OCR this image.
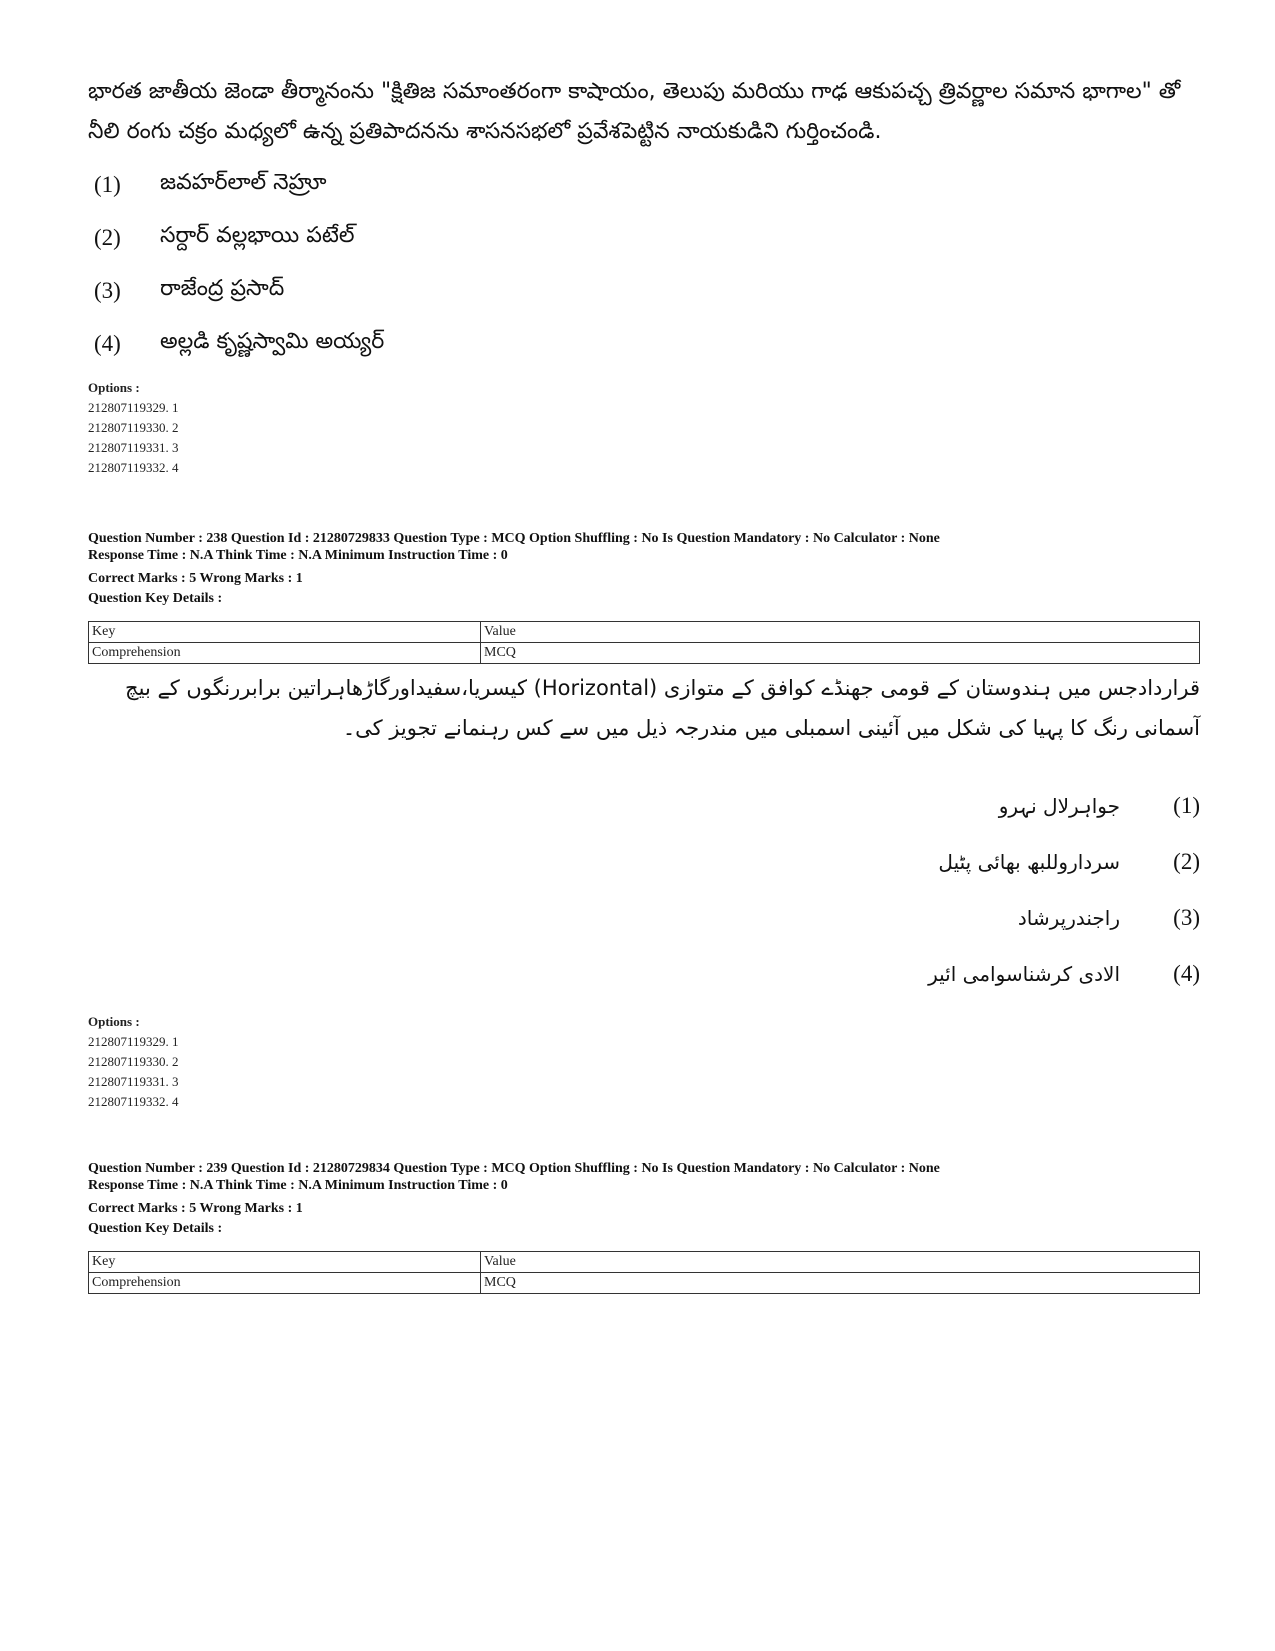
భారత జాతీయ జెండా తీర్మానంను "క్షితిజ సమాంతరంగా కాషాయం, తెలుపు మరియు గాఢ ఆకుపచ్చ త్రివర్ణాల సమాన భాగాల" తో నీలి రంగు చక్రం మధ్యలో ఉన్న ప్రతిపాదనను శాసనసభలో ప్రవేశపెట్టిన నాయకుడిని గుర్తించండి.
(1)	జవహర్‌లాల్ నెహ్రూ
(2)	సర్దార్ వల్లభాయి పటేల్
(3)	రాజేంద్ర ప్రసాద్
(4)	అల్లడి కృష్ణస్వామి అయ్యర్
Options :
212807119329. 1
212807119330. 2
212807119331. 3
212807119332. 4
Question Number : 238 Question Id : 21280729833 Question Type : MCQ Option Shuffling : No Is Question Mandatory : No Calculator : None
Response Time : N.A Think Time : N.A Minimum Instruction Time : 0
Correct Marks : 5 Wrong Marks : 1
Question Key Details :
Key	Value
Comprehension	MCQ
قراردادجس میں ہندوستان کے قومی جھنڈے کوافق کے متوازی (Horizontal) کیسریا،سفیداورگاڑھاہراتین برابررنگوں کے بیچ آسمانی رنگ کا پہیا کی شکل میں آئینی اسمبلی میں مندرجہ ذیل میں سے کس رہنمانے تجویز کی۔
(1)
جواہرلال نہرو
(2)
سرداروللبھ بھائی پٹیل
(3)
راجندرپرشاد
(4)
الادی کرشناسوامی ائیر
Options :
212807119329. 1
212807119330. 2
212807119331. 3
212807119332. 4
Question Number : 239 Question Id : 21280729834 Question Type : MCQ Option Shuffling : No Is Question Mandatory : No Calculator : None
Response Time : N.A Think Time : N.A Minimum Instruction Time : 0
Correct Marks : 5 Wrong Marks : 1
Question Key Details :
Key	Value
Comprehension	MCQ
